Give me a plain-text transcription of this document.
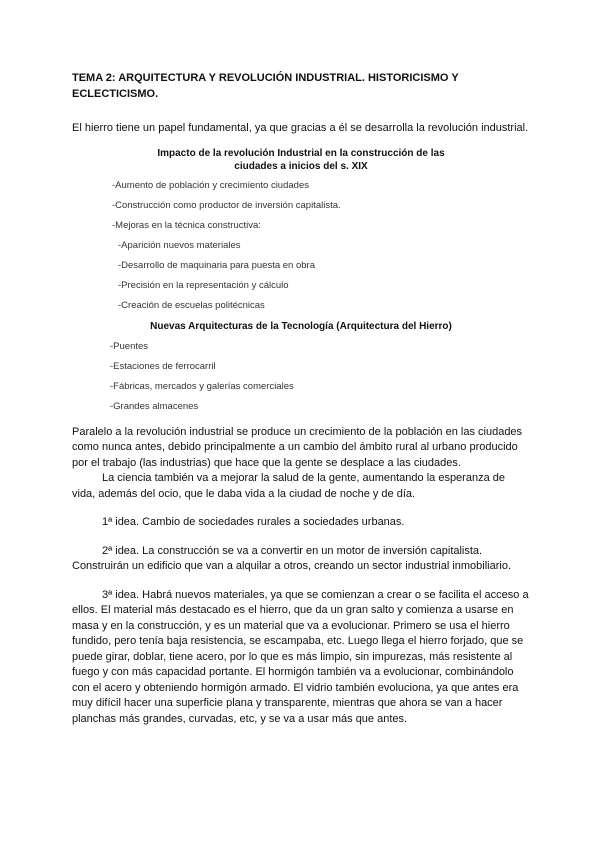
TEMA 2: ARQUITECTURA Y REVOLUCIÓN INDUSTRIAL. HISTORICISMO Y ECLECTICISMO.

El hierro tiene un papel fundamental, ya que gracias a él se desarrolla la revolución industrial.

Impacto de la revolución Industrial en la construcción de las ciudades a inicios del s. XIX
-Aumento de población y crecimiento ciudades
-Construcción como productor de inversión capitalista.
-Mejoras en la técnica constructiva:
-Aparición nuevos materiales
-Desarrollo de maquinaria para puesta en obra
-Precisión en la representación y cálculo
-Creación de escuelas politécnicas
Nuevas Arquitecturas de la Tecnología (Arquitectura del Hierro)
-Puentes
-Estaciones de ferrocarril
-Fábricas, mercados y galerías comerciales
-Grandes almacenes

Paralelo a la revolución industrial se produce un crecimiento de la población en las ciudades como nunca antes, debido principalmente a un cambio del ámbito rural al urbano producido por el trabajo (las industrias) que hace que la gente se desplace a las ciudades.

La ciencia también va a mejorar la salud de la gente, aumentando la esperanza de vida, además del ocio, que le daba vida a la ciudad de noche y de día.

1ª idea. Cambio de sociedades rurales a sociedades urbanas.

2ª idea. La construcción se va a convertir en un motor de inversión capitalista. Construirán un edificio que van a alquilar a otros, creando un sector industrial inmobiliario.

3ª idea. Habrá nuevos materiales, ya que se comienzan a crear o se facilita el acceso a ellos. El material más destacado es el hierro, que da un gran salto y comienza a usarse en masa y en la construcción, y es un material que va a evolucionar. Primero se usa el hierro fundido, pero tenía baja resistencia, se escampaba, etc. Luego llega el hierro forjado, que se puede girar, doblar, tiene acero, por lo que es más limpio, sin impurezas, más resistente al fuego y con más capacidad portante. El hormigón también va a evolucionar, combinándolo con el acero y obteniendo hormigón armado. El vidrio también evoluciona, ya que antes era muy difícil hacer una superficie plana y transparente, mientras que ahora se van a hacer planchas más grandes, curvadas, etc, y se va a usar más que antes.
